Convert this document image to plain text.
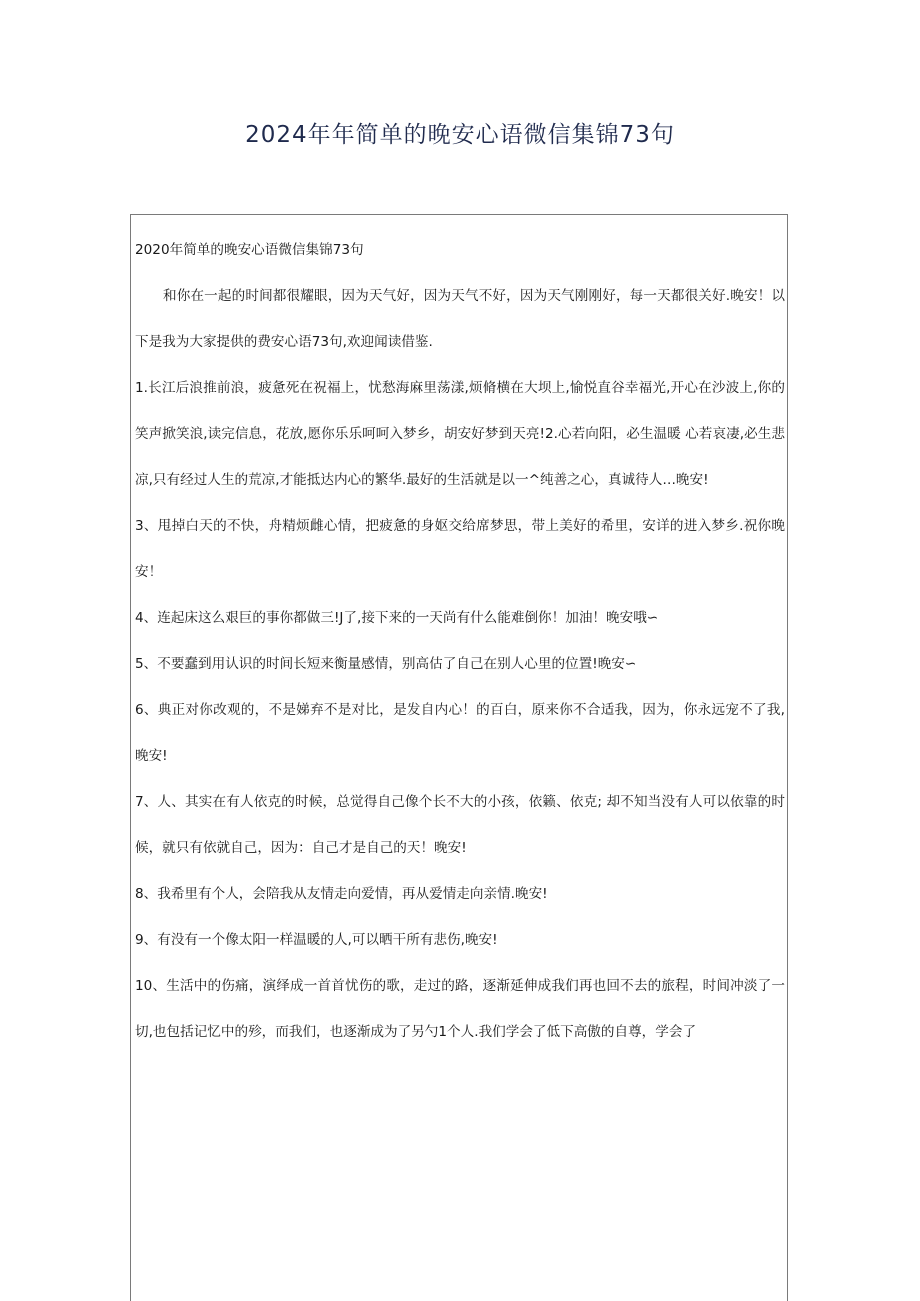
2024年年简单的晚安心语微信集锦73句

2020年简单的晚安心语微信集锦73句

和你在一起的时间都很耀眼，因为天气好，因为天气不好，因为天气刚刚好，每一天都很关好.晚安！以下是我为大家提供的费安心语73句,欢迎闻读借鉴.

1.长江后浪推前浪，疲惫死在祝福上，忧愁海麻里荡漾,烦脩横在大坝上,愉悦直谷幸福光,开心在沙波上,你的笑声掀笑浪,读完信息，花放,愿你乐乐呵呵入梦乡，胡安好梦到天亮!2.心若向阳，必生温暖 心若哀凄,必生悲凉,只有经过人生的荒凉,才能抵达内心的繁华.最好的生活就是以一^纯善之心，真诚待人…晚安!

3、甩掉白天的不快，舟精烦雌心情，把疲惫的身妪交给席梦思，带上美好的希里，安详的进入梦乡.祝你晚安！

4、连起床这么艰巨的事你都做三!J了,接下来的一天尚有什么能难倒你！加油！晚安哦∽

5、不要蠢到用认识的时间长短来衡量感情，别高估了自己在别人心里的位置!晚安∽

6、典正对你改观的，不是娣弃不是对比，是发自内心！的百白，原来你不合适我，因为，你永远宠不了我,晚安!

7、人、其实在有人依克的时候，总觉得自己像个长不大的小孩，依籁、依克; 却不知当没有人可以依靠的时候，就只有依就自己，因为：自己才是自己的天！晚安!

8、我希里有个人，会陪我从友情走向爱情，再从爱情走向亲情.晚安!

9、有没有一个像太阳一样温暖的人,可以晒干所有悲伤,晚安!

10、生活中的伤痛，演绎成一首首忧伤的歌，走过的路，逐渐延伸成我们再也回不去的旅程，时间冲淡了一切,也包括记忆中的殄，而我们，也逐渐成为了另勺1个人.我们学会了低下高傲的自尊，学会了
